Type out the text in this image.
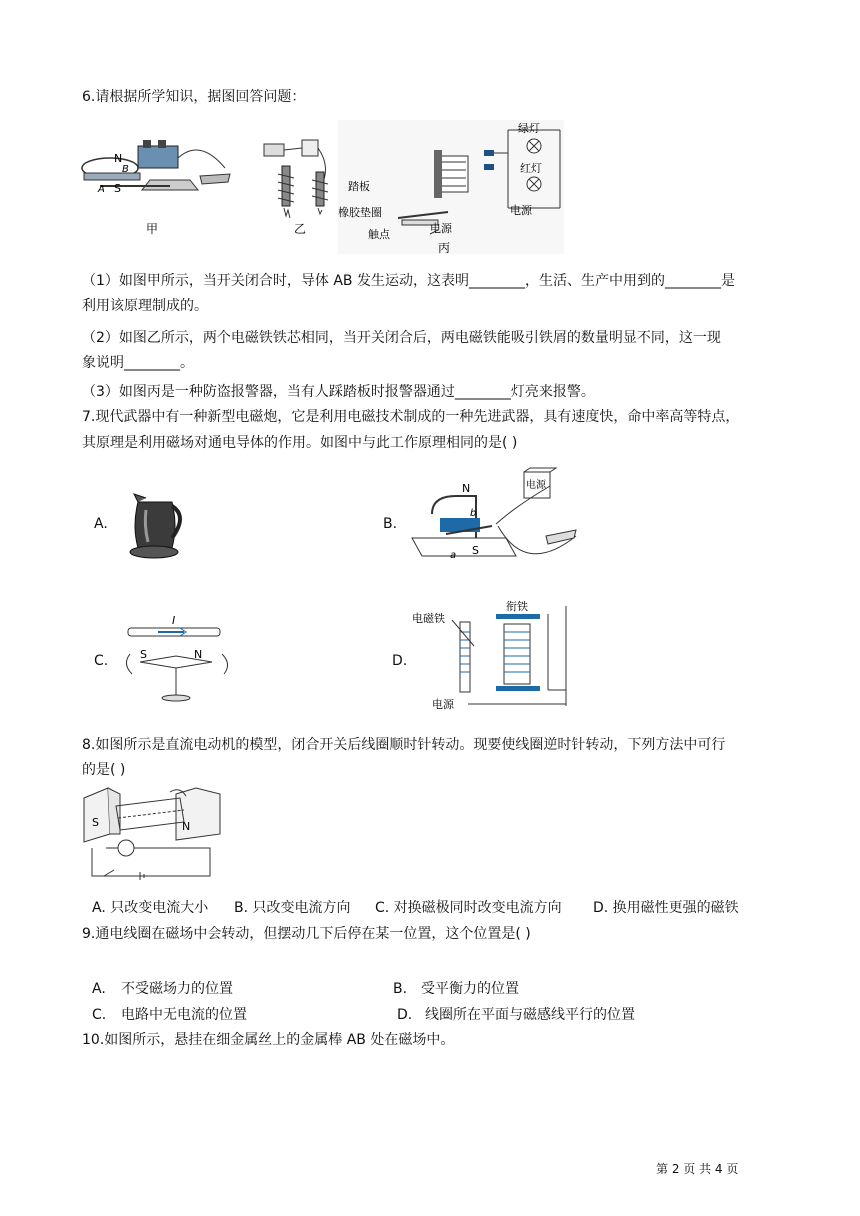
6.请根据所学知识，据图回答问题：
N
S
A
B
甲	乙
绿灯
红灯
电源
踏板
橡胶垫圈
触点	电源
丙
（1）如图甲所示，当开关闭合时，导体 AB 发生运动，这表明________，生活、生产中用到的________是
利用该原理制成的。
（2）如图乙所示，两个电磁铁铁芯相同，当开关闭合后，两电磁铁能吸引铁屑的数量明显不同，这一现
象说明________。
（3）如图丙是一种防盗报警器，当有人踩踏板时报警器通过________灯亮来报警。
7.现代武器中有一种新型电磁炮，它是利用电磁技术制成的一种先进武器，具有速度快，命中率高等特点，
其原理是利用磁场对通电导体的作用。如图中与此工作原理相同的是( )
A.	B.
电源
N
S
a
b
C.
I
S	N	D.
衔铁
电磁铁
电源
8.如图所示是直流电动机的模型，闭合开关后线圈顺时针转动。现要使线圈逆时针转动，下列方法中可行
的是( )
S	N
A. 只改变电流大小 B. 只改变电流方向 C. 对换磁极同时改变电流方向 D. 换用磁性更强的磁铁
9.通电线圈在磁场中会转动，但摆动几下后停在某一位置，这个位置是( )
A. 不受磁场力的位置	B. 受平衡力的位置
C. 电路中无电流的位置	D. 线圈所在平面与磁感线平行的位置
10.如图所示，悬挂在细金属丝上的金属棒 AB 处在磁场中。
第 2 页 共 4 页
